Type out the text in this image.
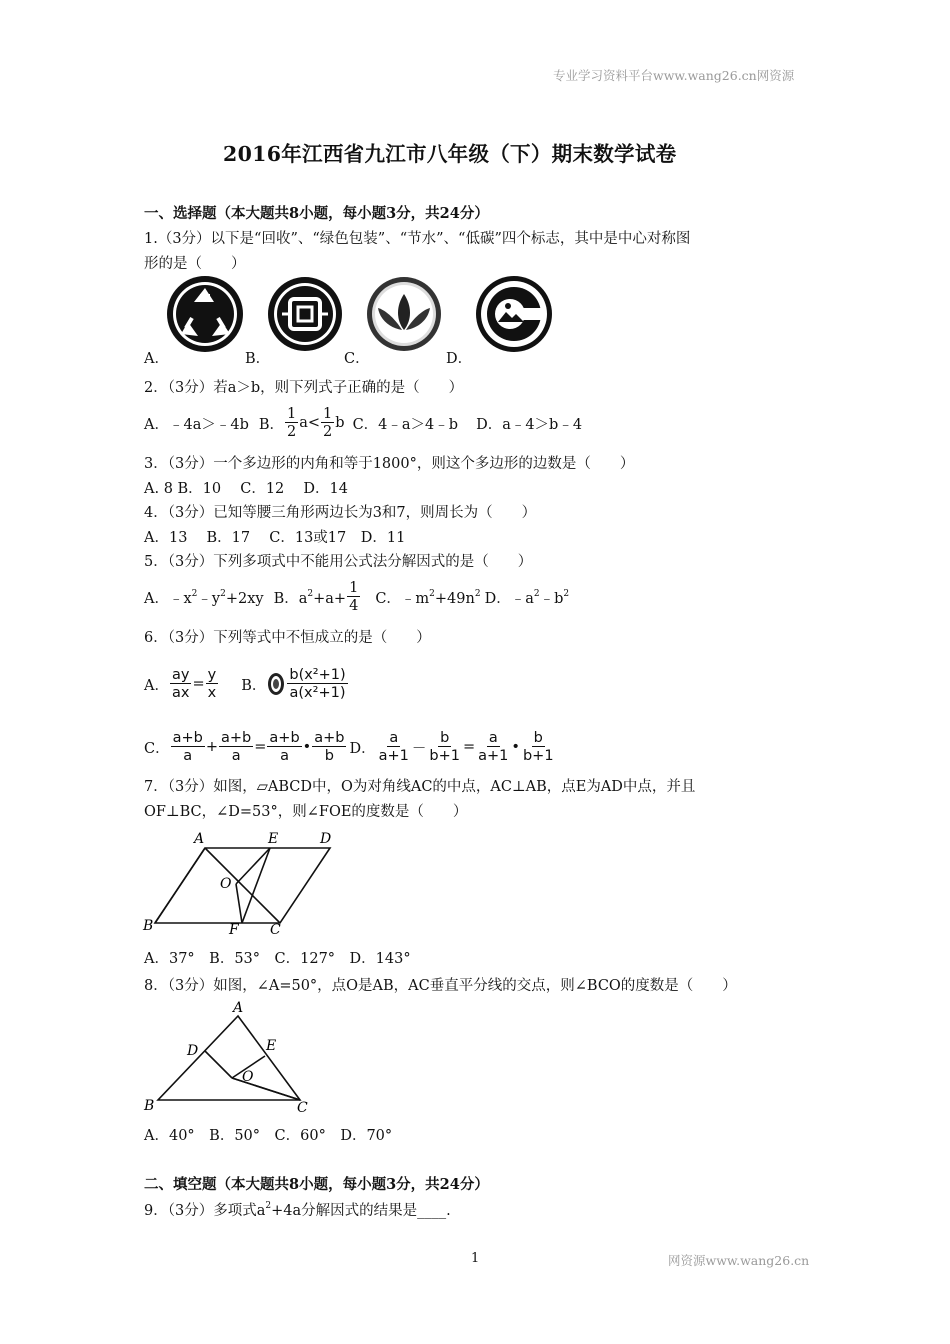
专业学习资料平台www.wang26.cn网资源
2016年江西省九江市八年级（下）期末数学试卷
一、选择题（本大题共8小题，每小题3分，共24分）
1.（3分）以下是“回收”、“绿色包装”、“节水”、“低碳”四个标志，其中是中心对称图
形的是（　　）
A．	B．	C．	D．
2．（3分）若a＞b，则下列式子正确的是（　　）
A．﹣4a＞﹣4b B． $\frac{1}{2} a< \frac{1}{2}$ b C．4﹣a＞4﹣b D．a﹣4＞b﹣4
3．（3分）一个多边形的内角和等于1800°，则这个多边形的边数是（　　）
A. 8 B．10　 C．12　 D．14
4．（3分）已知等腰三角形两边长为3和7，则周长为（　　）
A．13　 B．17　 C．13或17　D．11
5．（3分）下列多项式中不能用公式法分解因式的是（　　）
A．$﹣x^2﹣y^2+2xy$ B．$a^2+a+ \frac{1}{4}$ C．$﹣m^2+49n^2$ D．$﹣a^2﹣b^2$
6．（3分）下列等式中不恒成立的是（　　）
A． $\frac{ay}{ax} = \frac{y}{x}$ B． $\frac{\text{b(x²+1)}}{\text{a(x²+1)}}$
C． $\frac{a+b}{a} + \frac{a+b}{a} = \frac{a+b}{a}$ • $\frac{a+b}{b}$ D． $\frac{a}{a+1} - \frac{b}{b+1} = \frac{a}{a+1}$ • $\frac{b}{b+1}$
7．（3分）如图，▱ABCD中，O为对角线AC的中点，AC⊥AB，点E为AD中点，并且
OF⊥BC，∠D=53°，则∠FOE的度数是（　　）
A	E	D
O
B	F C
A．37°　B．53°　C．127°　D．143°
8．（3分）如图，∠A=50°，点O是AB，AC垂直平分线的交点，则∠BCO的度数是（　　）
A
D	E
O
B	C
A．40°　B．50°　C．60°　D．70°
二、填空题（本大题共8小题，每小题3分，共24分）
9．（3分）多项式$a^2+4a$分解因式的结果是____.
1	网资源www.wang26.cn
